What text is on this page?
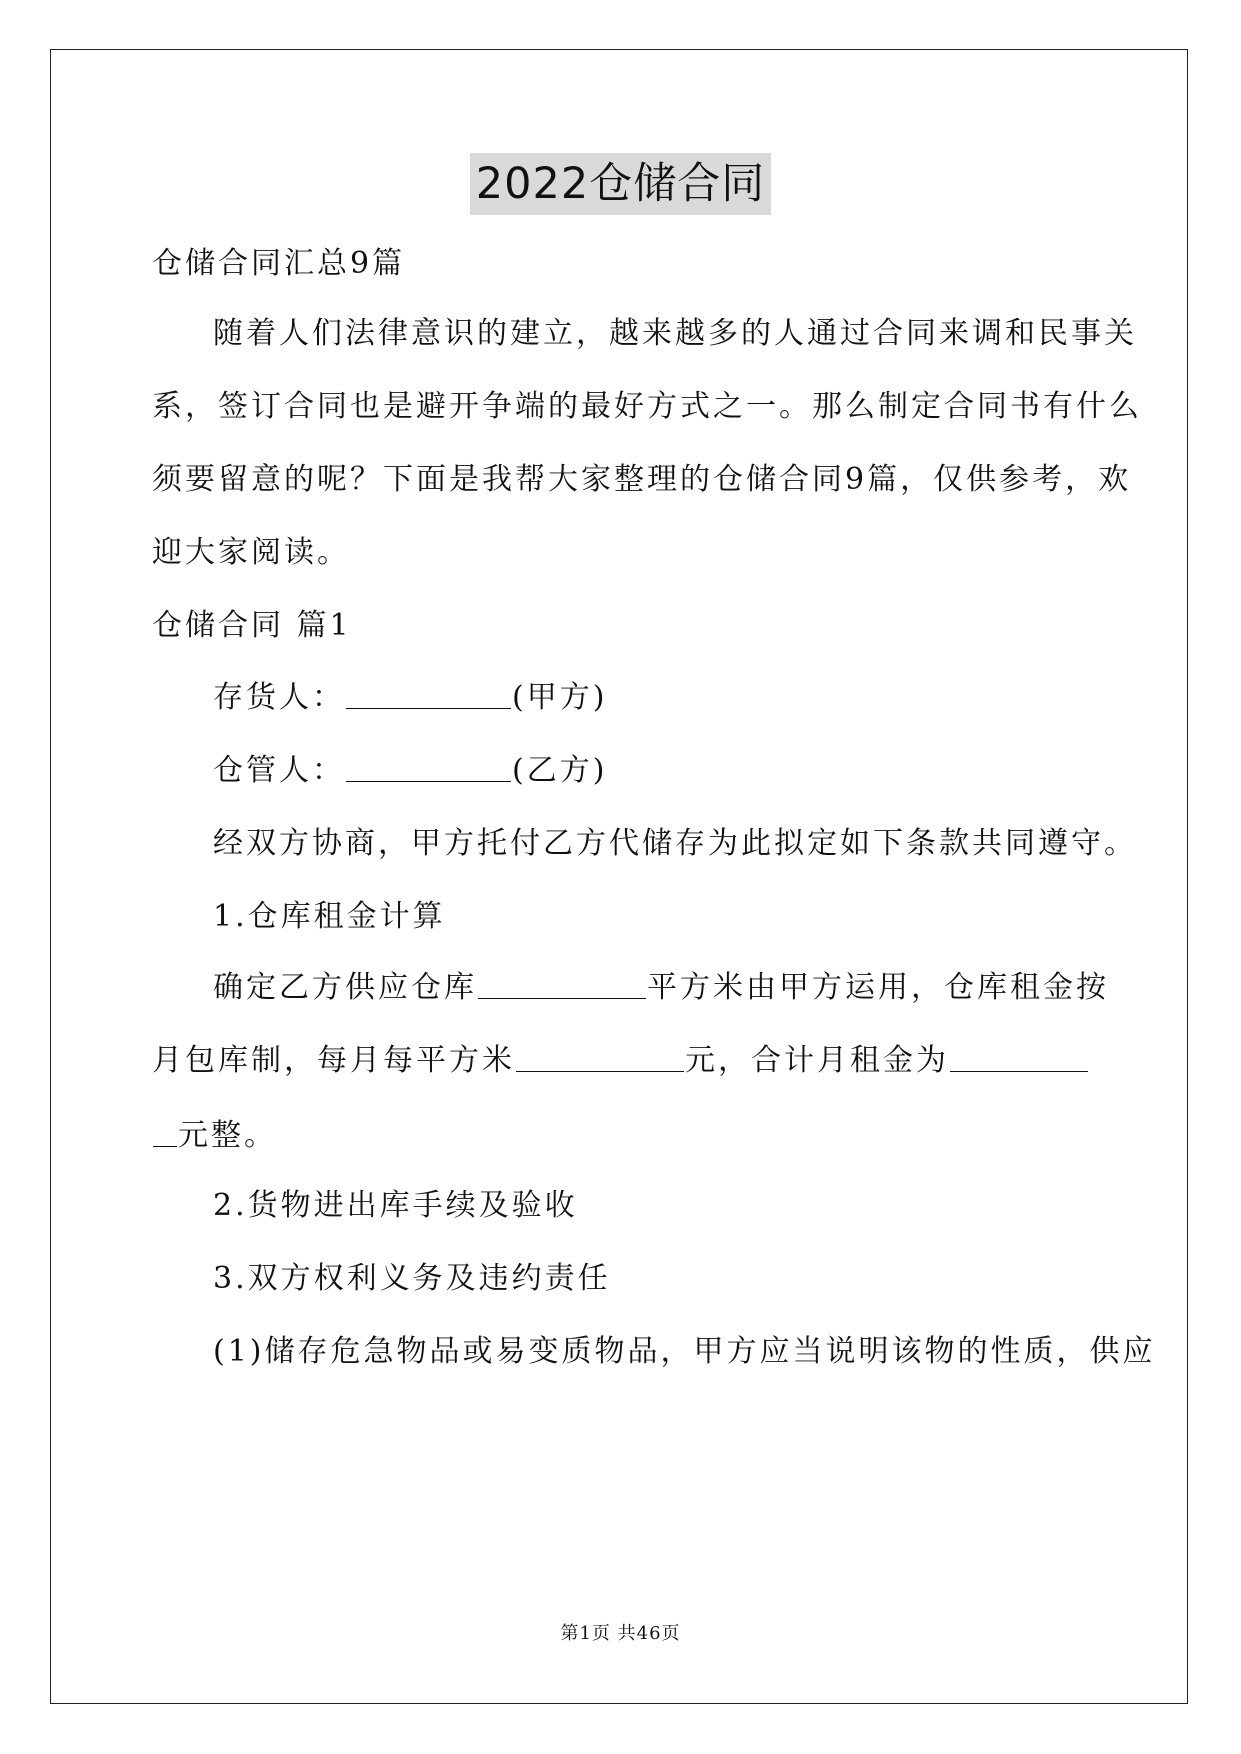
2022仓储合同
仓储合同汇总9篇
随着人们法律意识的建立，越来越多的人通过合同来调和民事关
系，签订合同也是避开争端的最好方式之一。那么制定合同书有什么
须要留意的呢？下面是我帮大家整理的仓储合同9篇，仅供参考，欢
迎大家阅读。
仓储合同 篇1
存货人：	(甲方)
仓管人：	(乙方)
经双方协商，甲方托付乙方代储存为此拟定如下条款共同遵守。
1.仓库租金计算
确定乙方供应仓库	平方米由甲方运用，仓库租金按
月包库制，每月每平方米	元，合计月租金为
元整。
2.货物进出库手续及验收
3.双方权利义务及违约责任
(1)储存危急物品或易变质物品，甲方应当说明该物的性质，供应
第1页 共46页
